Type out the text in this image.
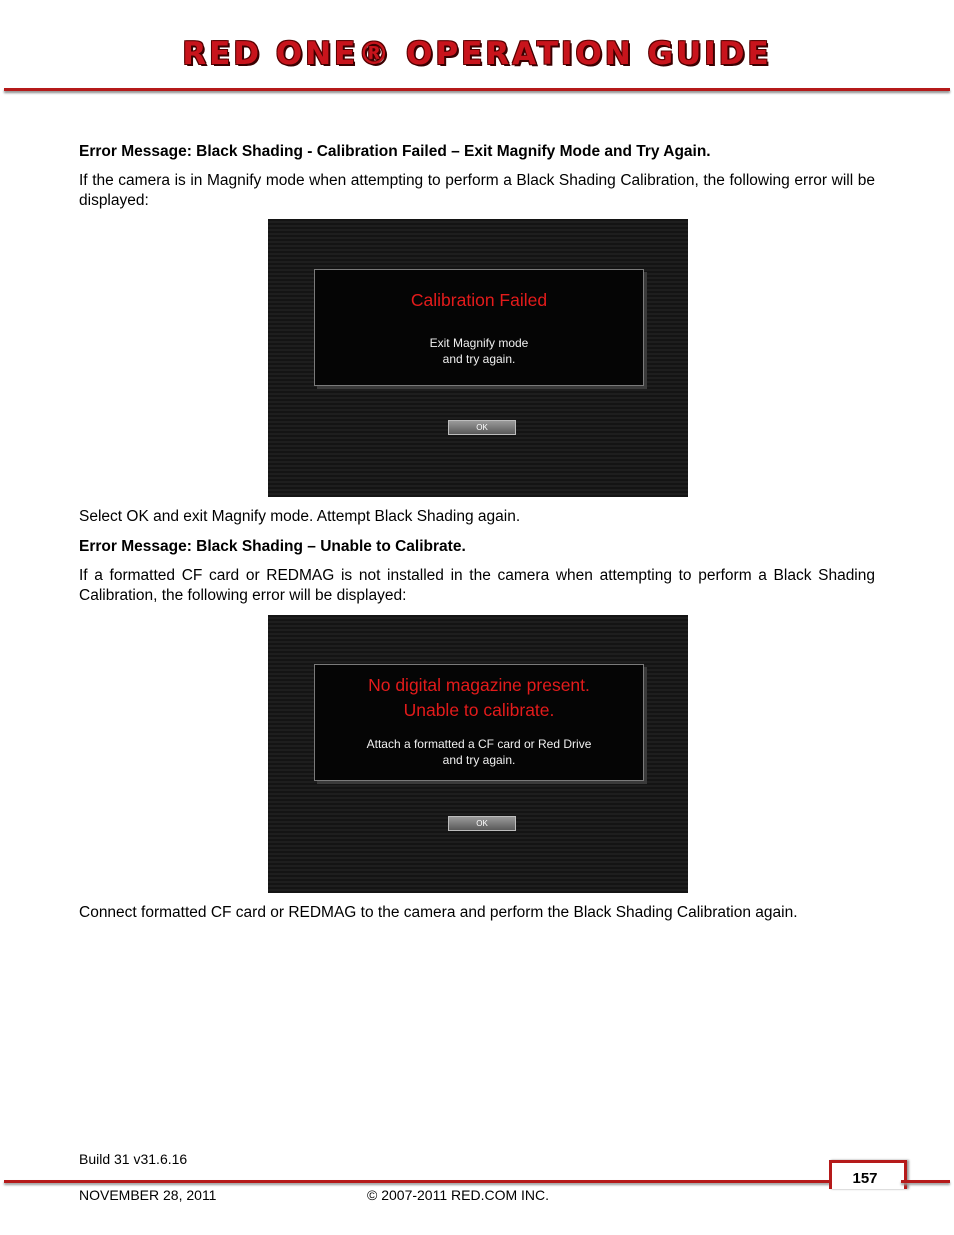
RED ONE® OPERATION GUIDE
Error Message: Black Shading - Calibration Failed – Exit Magnify Mode and Try Again.
If the camera is in Magnify mode when attempting to perform a Black Shading Calibration, the following error will be displayed:
Calibration Failed
Exit Magnify mode
and try again.
OK
Select OK and exit Magnify mode. Attempt Black Shading again.
Error Message: Black Shading – Unable to Calibrate.
If a formatted CF card or REDMAG is not installed in the camera when attempting to perform a Black Shading Calibration, the following error will be displayed:
No digital magazine present.
Unable to calibrate.
Attach a formatted a CF card or Red Drive
and try again.
OK
Connect formatted CF card or REDMAG to the camera and perform the Black Shading Calibration again.
Build 31 v31.6.16
157
NOVEMBER 28, 2011	© 2007-2011 RED.COM INC.
